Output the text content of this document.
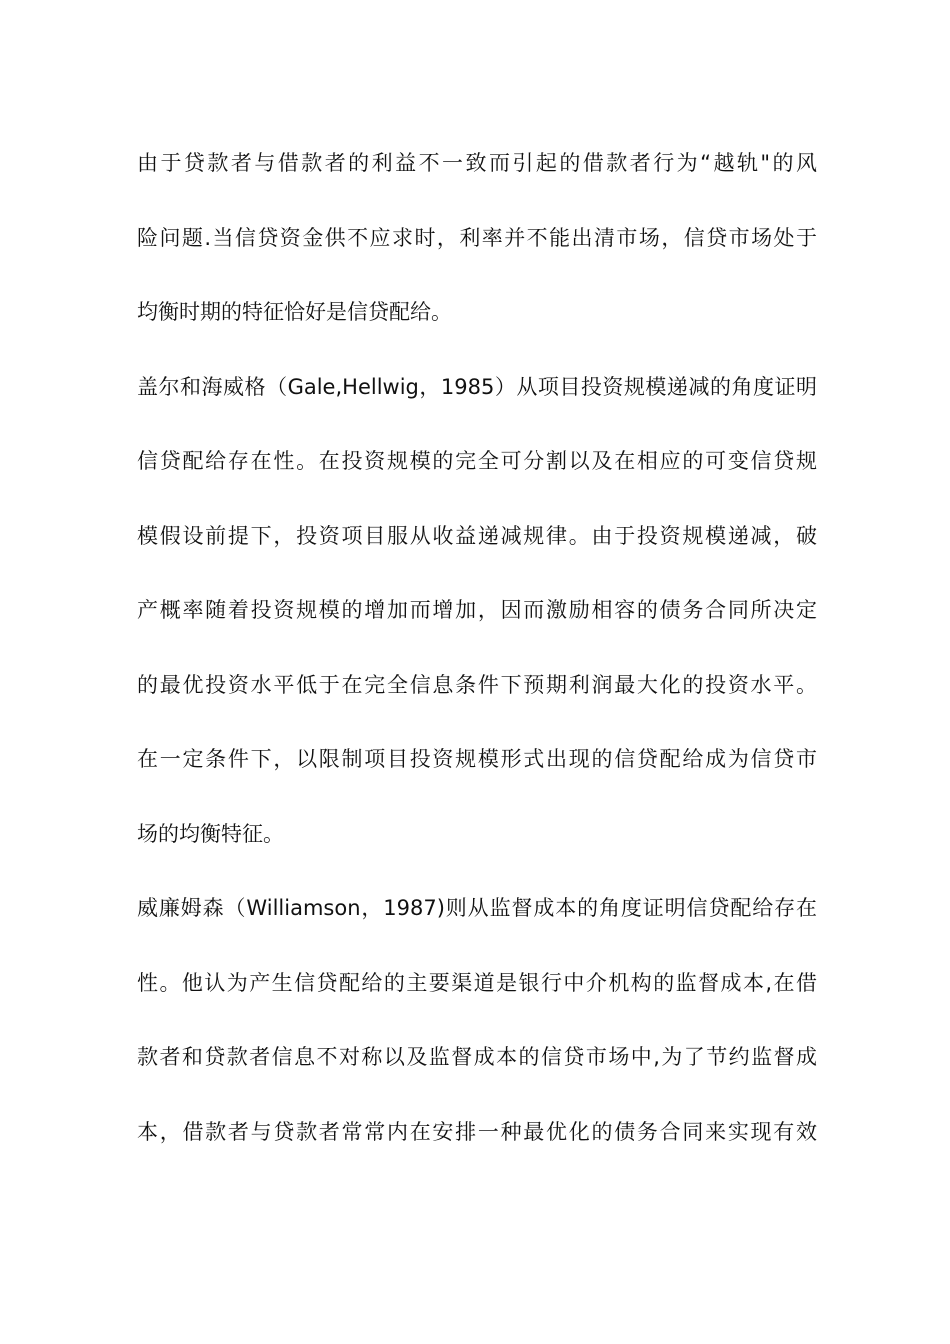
由于贷款者与借款者的利益不一致而引起的借款者行为“越轨"的风
险问题.当信贷资金供不应求时，利率并不能出清市场，信贷市场处于
均衡时期的特征恰好是信贷配给。
盖尔和海威格（Gale,Hellwig，1985）从项目投资规模递减的角度证明
信贷配给存在性。在投资规模的完全可分割以及在相应的可变信贷规
模假设前提下，投资项目服从收益递减规律。由于投资规模递减，破
产概率随着投资规模的增加而增加，因而激励相容的债务合同所决定
的最优投资水平低于在完全信息条件下预期利润最大化的投资水平。
在一定条件下，以限制项目投资规模形式出现的信贷配给成为信贷市
场的均衡特征。
威廉姆森（Williamson，1987)则从监督成本的角度证明信贷配给存在
性。他认为产生信贷配给的主要渠道是银行中介机构的监督成本,在借
款者和贷款者信息不对称以及监督成本的信贷市场中,为了节约监督成
本，借款者与贷款者常常内在安排一种最优化的债务合同来实现有效
